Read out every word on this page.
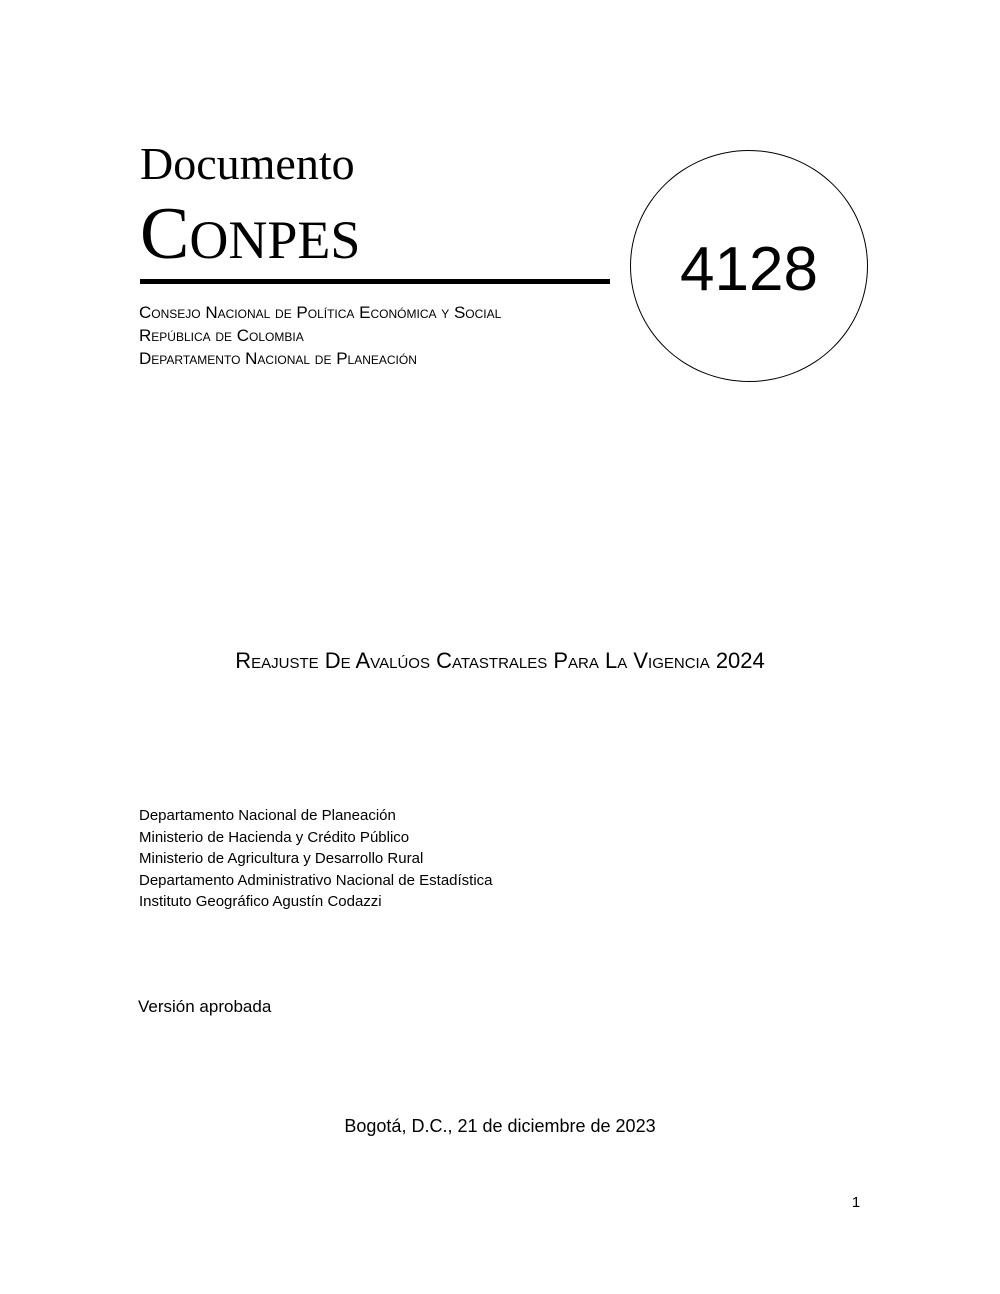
Documento
CONPES	4128
Consejo Nacional de Política Económica y Social
República de Colombia
Departamento Nacional de Planeación
Reajuste De Avalúos Catastrales Para La Vigencia 2024
Departamento Nacional de Planeación
Ministerio de Hacienda y Crédito Público
Ministerio de Agricultura y Desarrollo Rural
Departamento Administrativo Nacional de Estadística
Instituto Geográfico Agustín Codazzi
Versión aprobada
Bogotá, D.C., 21 de diciembre de 2023
1
